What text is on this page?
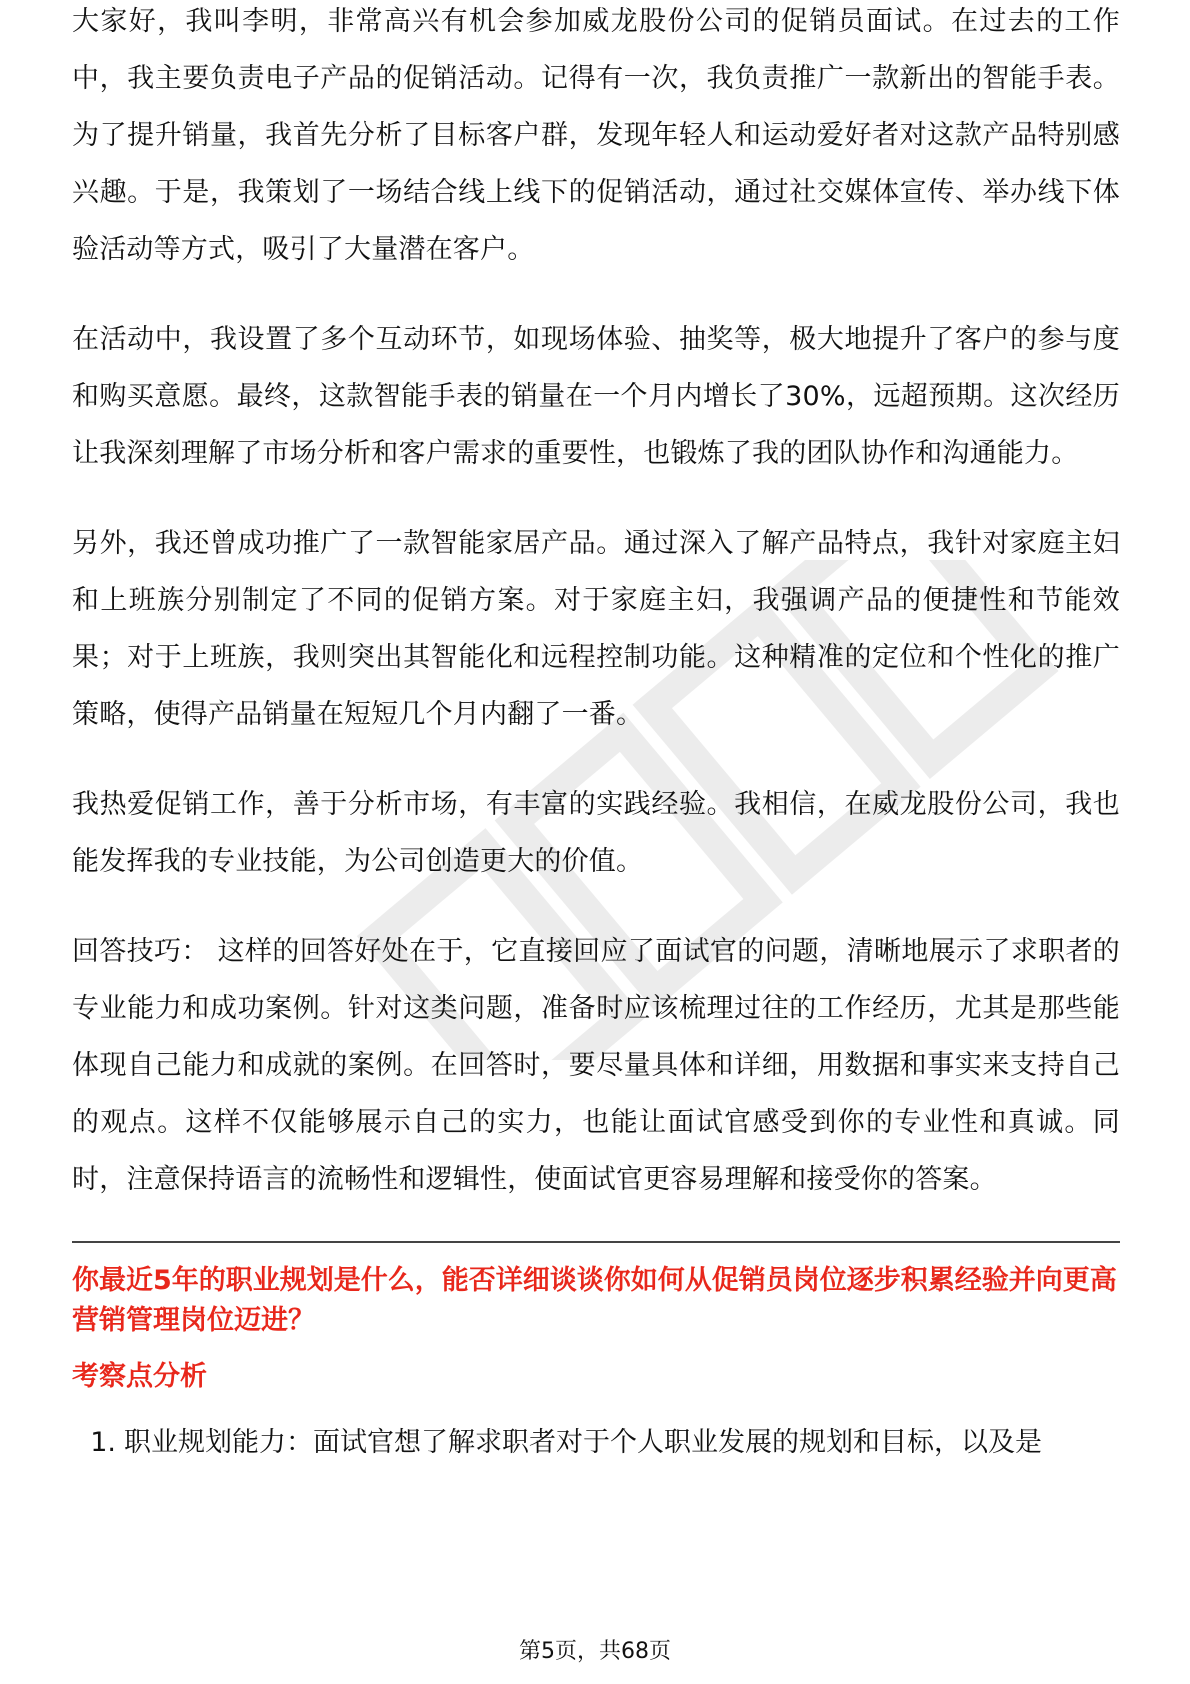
大家好，我叫李明，非常高兴有机会参加威龙股份公司的促销员面试。在过去的工作中，我主要负责电子产品的促销活动。记得有一次，我负责推广一款新出的智能手表。为了提升销量，我首先分析了目标客户群，发现年轻人和运动爱好者对这款产品特别感兴趣。于是，我策划了一场结合线上线下的促销活动，通过社交媒体宣传、举办线下体验活动等方式，吸引了大量潜在客户。

在活动中，我设置了多个互动环节，如现场体验、抽奖等，极大地提升了客户的参与度和购买意愿。最终，这款智能手表的销量在一个月内增长了30%，远超预期。这次经历让我深刻理解了市场分析和客户需求的重要性，也锻炼了我的团队协作和沟通能力。

另外，我还曾成功推广了一款智能家居产品。通过深入了解产品特点，我针对家庭主妇和上班族分别制定了不同的促销方案。对于家庭主妇，我强调产品的便捷性和节能效果；对于上班族，我则突出其智能化和远程控制功能。这种精准的定位和个性化的推广策略，使得产品销量在短短几个月内翻了一番。

我热爱促销工作，善于分析市场，有丰富的实践经验。我相信，在威龙股份公司，我也能发挥我的专业技能，为公司创造更大的价值。

回答技巧： 这样的回答好处在于，它直接回应了面试官的问题，清晰地展示了求职者的专业能力和成功案例。针对这类问题，准备时应该梳理过往的工作经历，尤其是那些能体现自己能力和成就的案例。在回答时，要尽量具体和详细，用数据和事实来支持自己的观点。这样不仅能够展示自己的实力，也能让面试官感受到你的专业性和真诚。同时，注意保持语言的流畅性和逻辑性，使面试官更容易理解和接受你的答案。

你最近5年的职业规划是什么，能否详细谈谈你如何从促销员岗位逐步积累经验并向更高营销管理岗位迈进？
考察点分析
1. 职业规划能力：面试官想了解求职者对于个人职业发展的规划和目标，以及是
第5页，共68页
